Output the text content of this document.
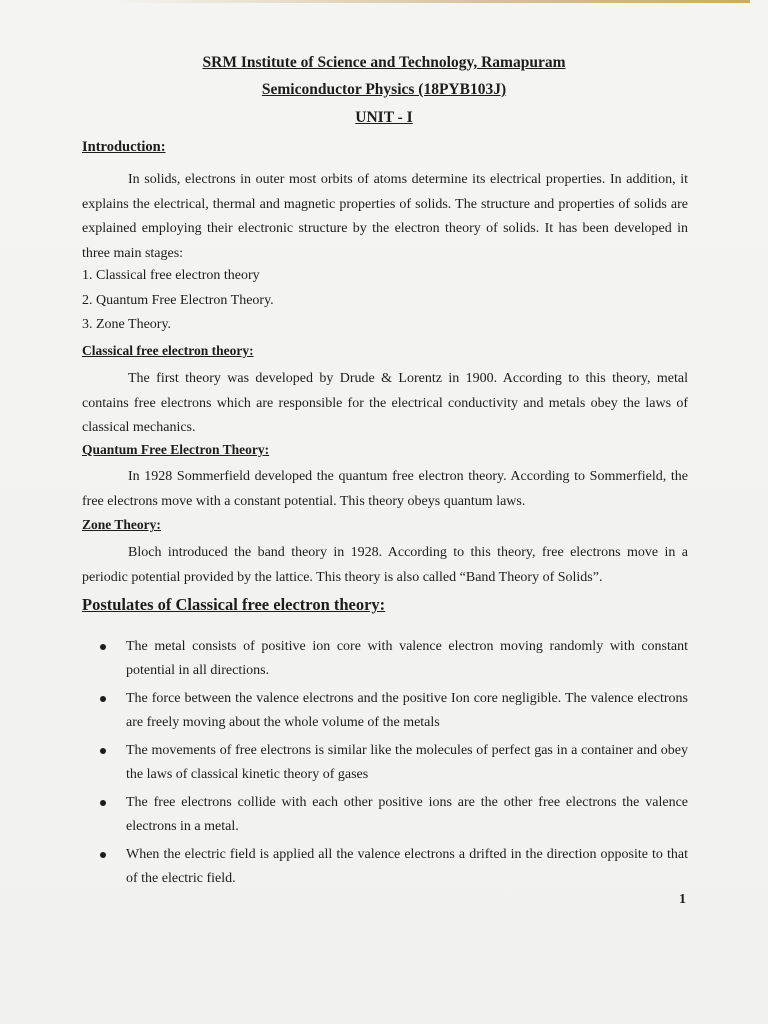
SRM Institute of Science and Technology, Ramapuram
Semiconductor Physics (18PYB103J)
UNIT - I
Introduction:

In solids, electrons in outer most orbits of atoms determine its electrical properties. In addition, it explains the electrical, thermal and magnetic properties of solids. The structure and properties of solids are explained employing their electronic structure by the electron theory of solids. It has been developed in three main stages:

1. Classical free electron theory
2. Quantum Free Electron Theory.
3. Zone Theory.
Classical free electron theory:

The first theory was developed by Drude & Lorentz in 1900. According to this theory, metal contains free electrons which are responsible for the electrical conductivity and metals obey the laws of classical mechanics.

Quantum Free Electron Theory:

In 1928 Sommerfield developed the quantum free electron theory. According to Sommerfield, the free electrons move with a constant potential. This theory obeys quantum laws.

Zone Theory:

Bloch introduced the band theory in 1928. According to this theory, free electrons move in a periodic potential provided by the lattice. This theory is also called “Band Theory of Solids”.

Postulates of Classical free electron theory:
The metal consists of positive ion core with valence electron moving randomly with constant potential in all directions.
The force between the valence electrons and the positive Ion core negligible. The valence electrons are freely moving about the whole volume of the metals
The movements of free electrons is similar like the molecules of perfect gas in a container and obey the laws of classical kinetic theory of gases
The free electrons collide with each other positive ions are the other free electrons the valence electrons in a metal.
When the electric field is applied all the valence electrons a drifted in the direction opposite to that of the electric field.
1
